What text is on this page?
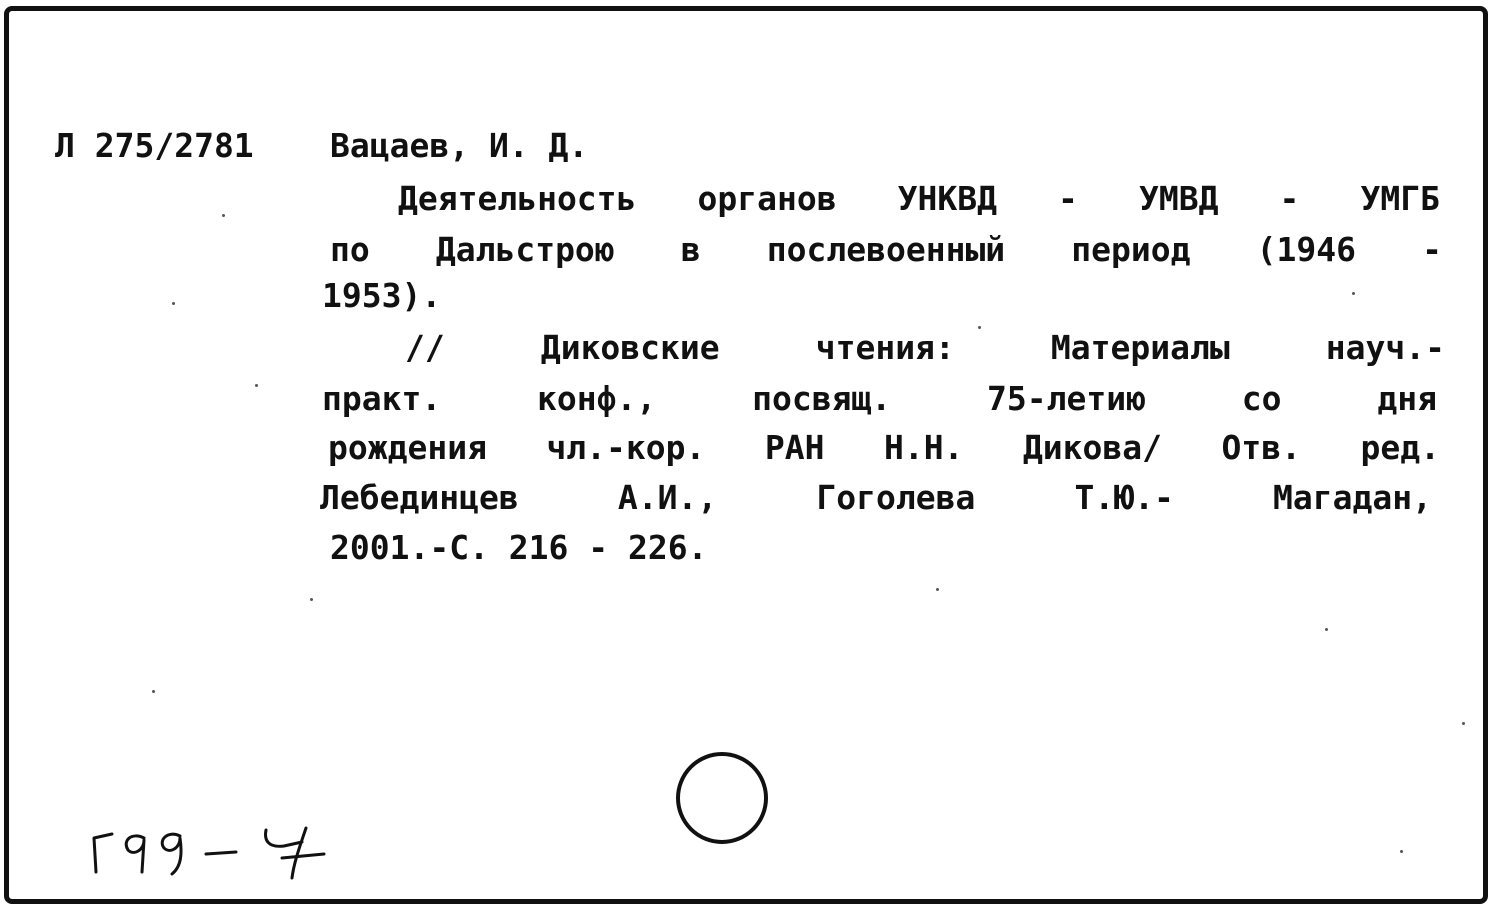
Л 275/2781 Вацаев, И. Д.
Деятельность органов УНКВД - УМВД - УМГБ
по Дальстрою в послевоенный период (1946 -
1953).
//	Диковские	чтения:	Материалы	науч.-
практ.	конф.,	посвящ.	75-летию	со	дня
рождения чл.-кор. РАН Н.Н. Дикова/ Отв. ред.
Лебединцев	А.И.,	Гоголева	Т.Ю.-	Магадан,
2001.-С. 216 - 226.
